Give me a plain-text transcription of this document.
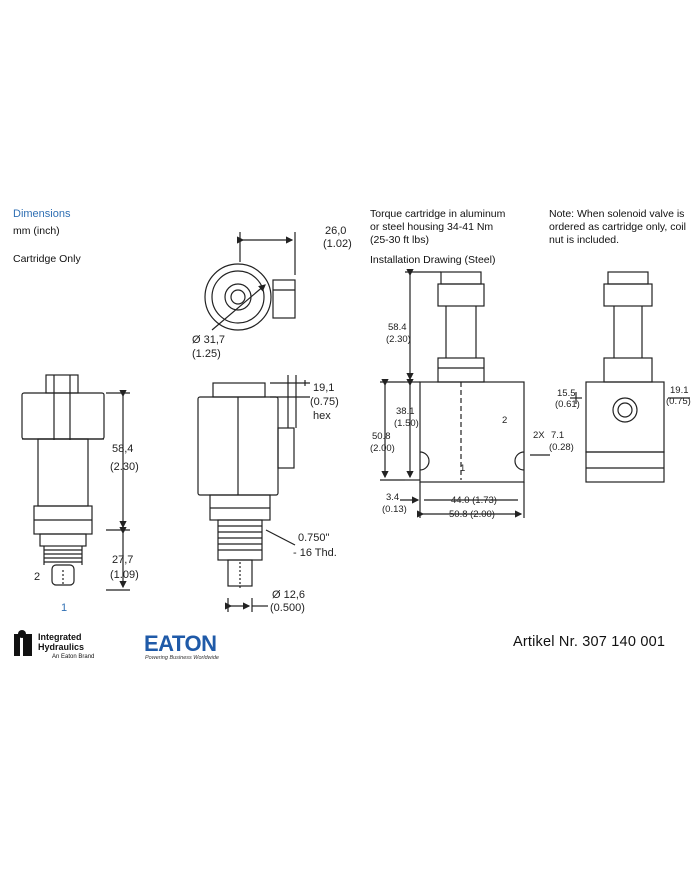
Dimensions
mm (inch)
Cartridge Only
Torque cartridge in aluminum
or steel housing 34-41 Nm
(25-30 ft lbs)
Installation Drawing (Steel)
Note: When solenoid valve is
ordered as cartridge only, coil
nut is included.
58,4
(2.30)
27,7
(1.09)
2
1
26,0
(1.02)
Ø 31,7
(1.25)
19,1
(0.75)
hex
0.750"
- 16 Thd.
Ø 12,6
(0.500)
58.4
(2.30)
38.1
(1.50)
50.8
(2.00)
3.4
(0.13)
44.0 (1.73)
50.8 (2.00)
2
1
2X 7.1
(0.28)
15.5
(0.61)
19.1
(0.75)
Integrated
Hydraulics
An Eaton Brand
EATON
Powering Business Worldwide
Artikel Nr. 307 140 001
